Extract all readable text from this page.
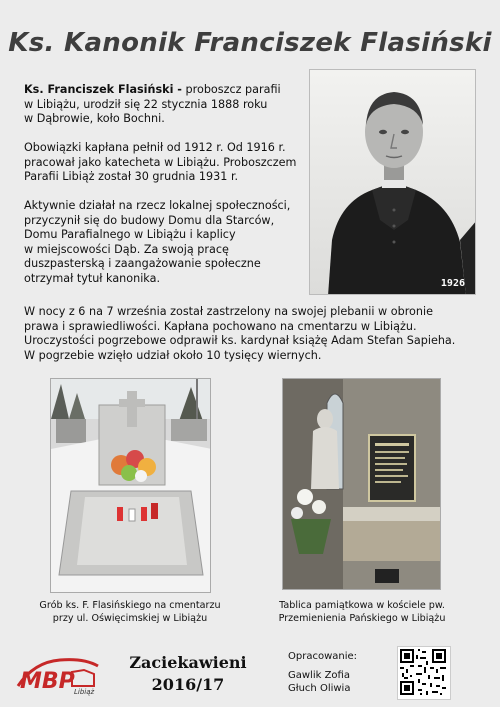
Ks. Kanonik Franciszek Flasiński

Ks. Franciszek Flasiński - proboszcz parafii
w Libiążu, urodził się 22 stycznia 1888 roku
w Dąbrowie, koło Bochni.

Obowiązki kapłana pełnił od 1912 r. Od 1916 r.
pracował jako katecheta w Libiążu. Proboszczem
Parafii Libiąż został 30 grudnia 1931 r.

Aktywnie działał na rzecz lokalnej społeczności,
przyczynił się do budowy Domu dla Starców,
Domu Parafialnego w Libiążu i kaplicy
w miejscowości Dąb. Za swoją pracę
duszpasterską i zaangażowanie społeczne
otrzymał tytuł kanonika.	1926

W nocy z 6 na 7 września został zastrzelony na swojej plebanii w obronie
prawa i sprawiedliwości. Kapłana pochowano na cmentarzu w Libiążu.
Uroczystości pogrzebowe odprawił ks. kardynał książę Adam Stefan Sapieha.
W pogrzebie wzięło udział około 10 tysięcy wiernych.

Grób ks. F. Flasińskiego na cmentarzu
przy ul. Oświęcimskiej w Libiążu

Tablica pamiątkowa w kościele pw.
Przemienienia Pańskiego w Libiążu

MBP Libiąż
Zaciekawieni
2016/17
Opracowanie:
Gawlik Zofia
Głuch Oliwia
